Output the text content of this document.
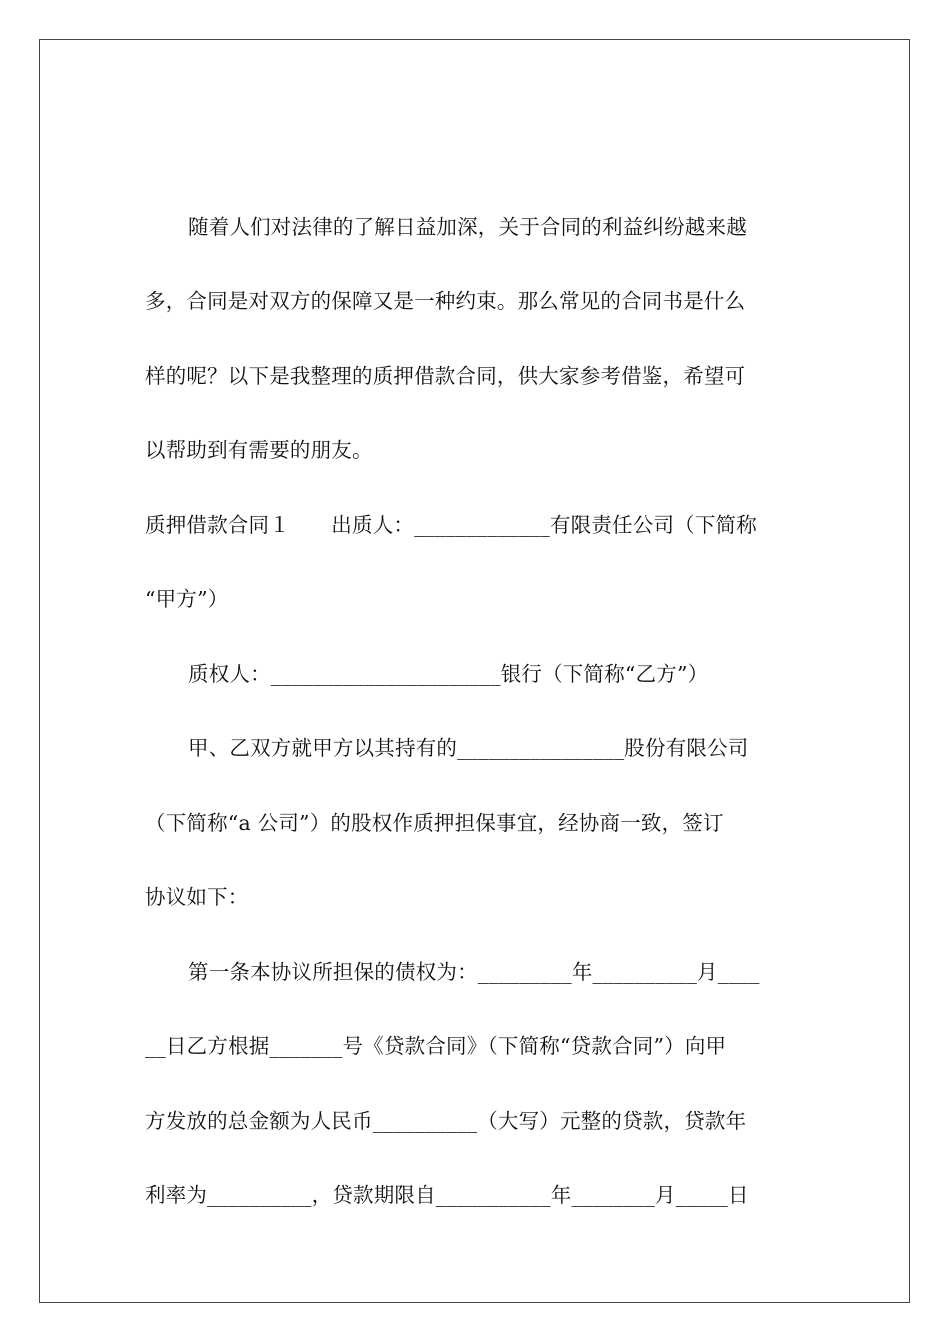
随着人们对法律的了解日益加深，关于合同的利益纠纷越来越
多，合同是对双方的保障又是一种约束。那么常见的合同书是什么
样的呢？以下是我整理的质押借款合同，供大家参考借鉴，希望可
以帮助到有需要的朋友。
质押借款合同１　　出质人：_____________有限责任公司（下简称
“甲方”）
质权人：______________________银行（下简称“乙方”）
甲、乙双方就甲方以其持有的________________股份有限公司
（下简称“a 公司”）的股权作质押担保事宜，经协商一致，签订
协议如下：
第一条本协议所担保的债权为：_________年__________月____
__日乙方根据_______号《贷款合同》（下简称“贷款合同”）向甲
方发放的总金额为人民币__________（大写）元整的贷款，贷款年
利率为__________，贷款期限自___________年________月_____日
